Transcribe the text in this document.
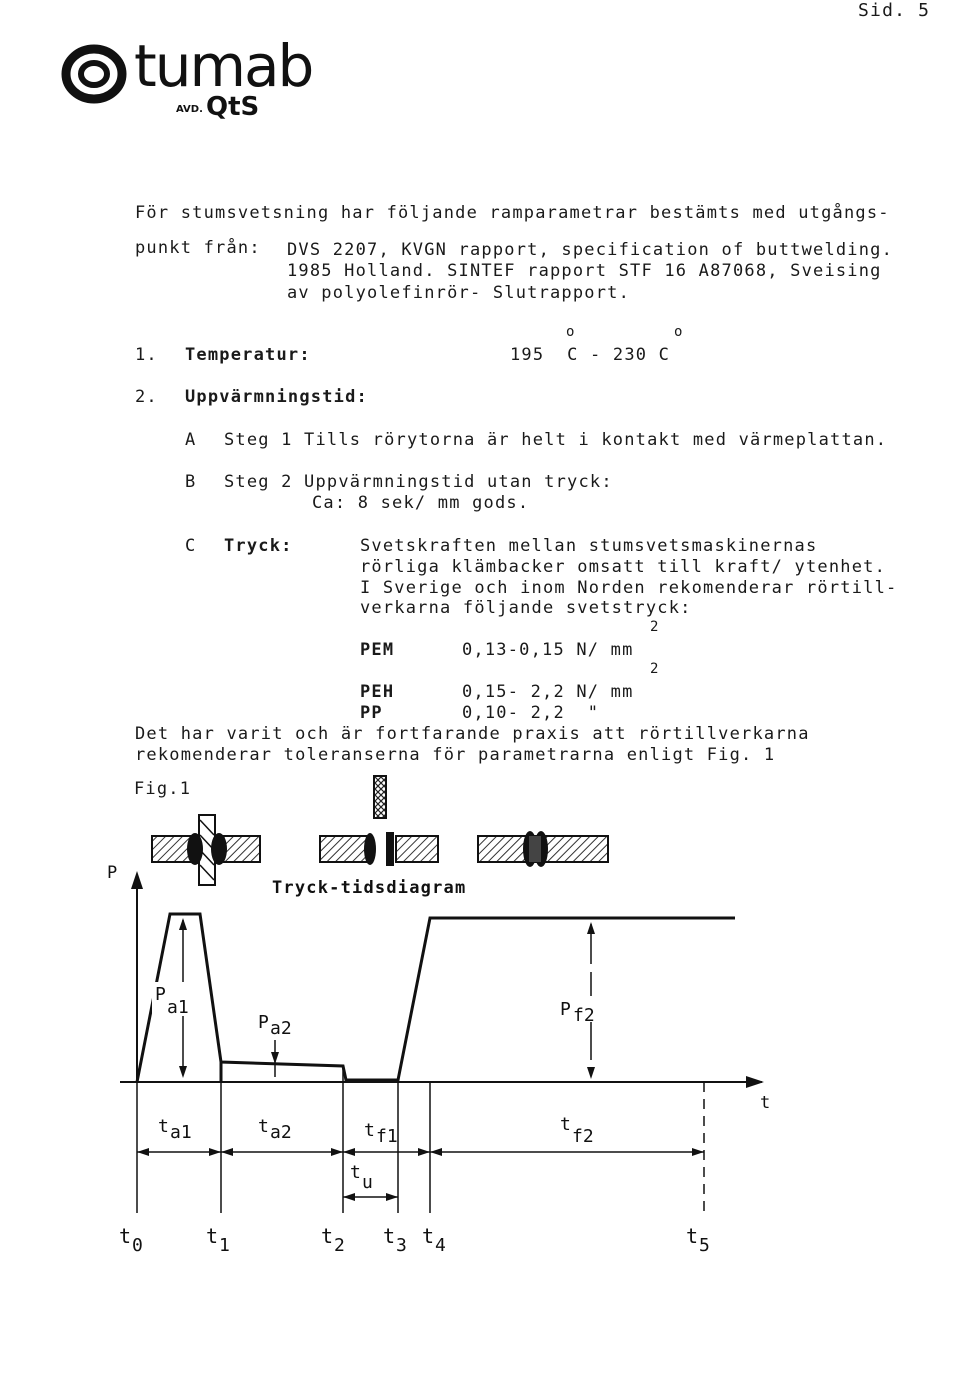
Sid. 5

tumab

AVD.

QtS

För stumsvetsning har följande ramparametrar bestämts med utgångs-
punkt från: DVS 2207, KVGN rapport, specification of buttwelding.
1985 Holland. SINTEF rapport STF 16 A87068, Sveising
av polyolefinrör- Slutrapport.
1. Temperatur:
o	o
195  C - 230 C
2. Uppvärmningstid:
A Steg 1 Tills rörytorna är helt i kontakt med värmeplattan.
B Steg 2 Uppvärmningstid utan tryck:
Ca: 8 sek/ mm gods.
C Tryck:	Svetskraften mellan stumsvetsmaskinernas
rörliga klämbacker omsatt till kraft/ ytenhet.
I Sverige och inom Norden rekomenderar rörtill-
verkarna följande svetstryck:
2
PEM	0,13-0,15 N/ mm
2
PEH	0,15- 2,2 N/ mm
PP	0,10- 2,2  "
Det har varit och är fortfarande praxis att rörtillverkarna
rekomenderar toleranserna för parametrarna enligt Fig. 1
Fig.1
Tryck-tidsdiagram
P
t
P
a1
P a2
P f2
t a1	t a2	t f1
t u
t
f2
t 0	t 1	t 2 t 3 t 4	t 5
